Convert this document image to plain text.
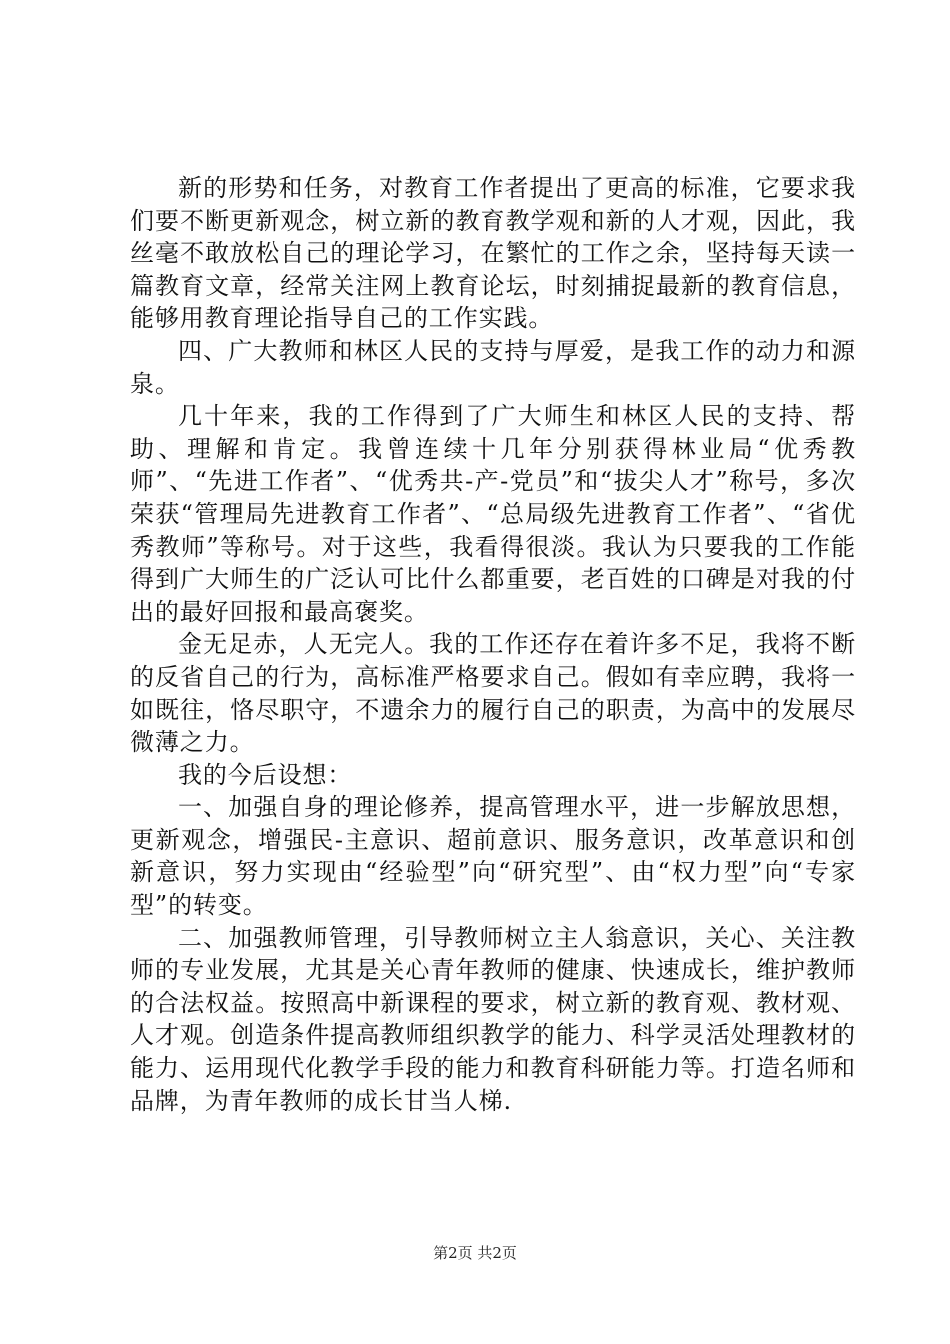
新的形势和任务，对教育工作者提出了更高的标准，它要求我们要不断更新观念，树立新的教育教学观和新的人才观，因此，我丝毫不敢放松自己的理论学习，在繁忙的工作之余，坚持每天读一篇教育文章，经常关注网上教育论坛，时刻捕捉最新的教育信息，能够用教育理论指导自己的工作实践。

四、广大教师和林区人民的支持与厚爱，是我工作的动力和源泉。

几十年来，我的工作得到了广大师生和林区人民的支持、帮助、理解和肯定。我曾连续十几年分别获得林业局“优秀教师”、“先进工作者”、“优秀共-产-党员”和“拔尖人才”称号，多次荣获“管理局先进教育工作者”、“总局级先进教育工作者”、“省优秀教师”等称号。对于这些，我看得很淡。我认为只要我的工作能得到广大师生的广泛认可比什么都重要，老百姓的口碑是对我的付出的最好回报和最高褒奖。

金无足赤，人无完人。我的工作还存在着许多不足，我将不断的反省自己的行为，高标准严格要求自己。假如有幸应聘，我将一如既往，恪尽职守，不遗余力的履行自己的职责，为高中的发展尽微薄之力。

我的今后设想：

一、加强自身的理论修养，提高管理水平，进一步解放思想，更新观念，增强民-主意识、超前意识、服务意识，改革意识和创新意识，努力实现由“经验型”向“研究型”、由“权力型”向“专家型”的转变。

二、加强教师管理，引导教师树立主人翁意识，关心、关注教师的专业发展，尤其是关心青年教师的健康、快速成长，维护教师的合法权益。按照高中新课程的要求，树立新的教育观、教材观、人才观。创造条件提高教师组织教学的能力、科学灵活处理教材的能力、运用现代化教学手段的能力和教育科研能力等。打造名师和品牌，为青年教师的成长甘当人梯.

第2页 共2页
